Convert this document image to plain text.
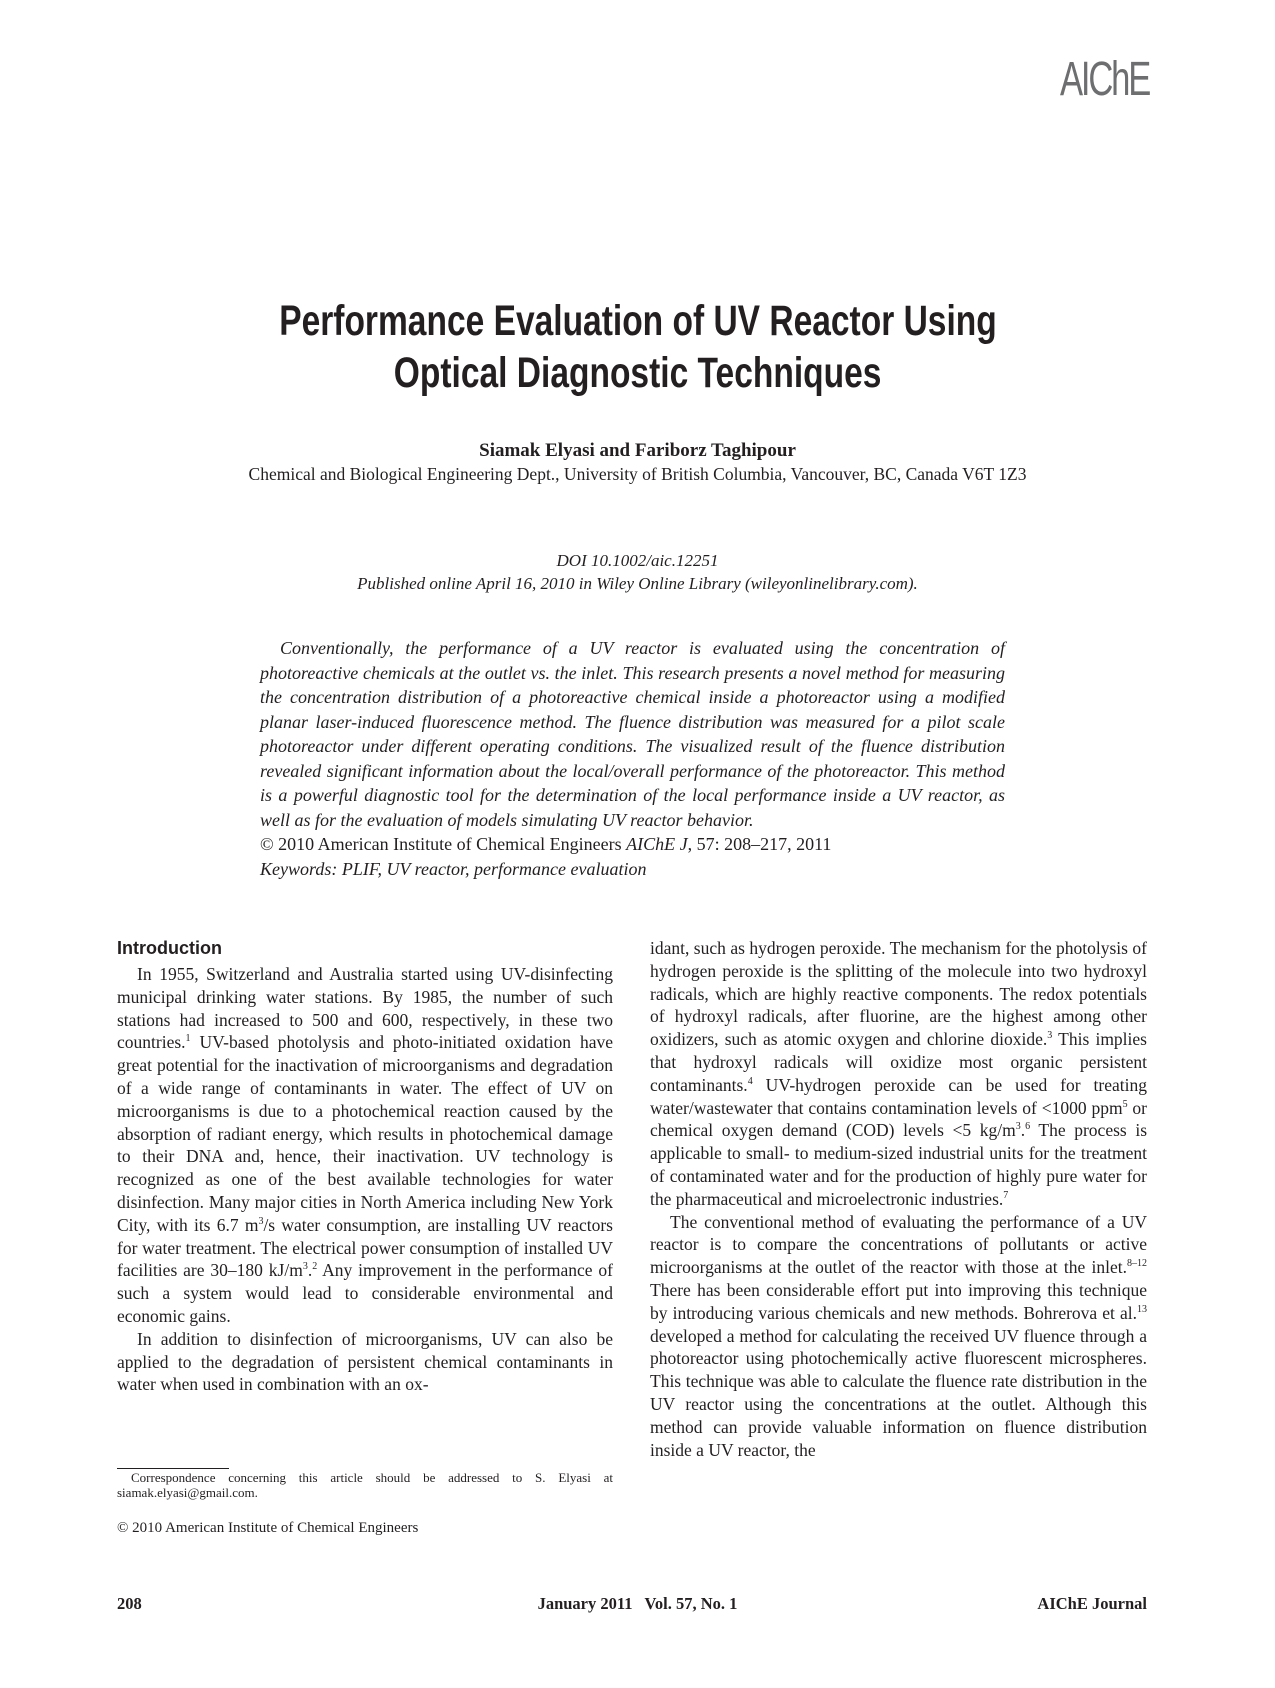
AIChE
Performance Evaluation of UV Reactor Using
Optical Diagnostic Techniques
Siamak Elyasi and Fariborz Taghipour
Chemical and Biological Engineering Dept., University of British Columbia, Vancouver, BC, Canada V6T 1Z3
DOI 10.1002/aic.12251
Published online April 16, 2010 in Wiley Online Library (wileyonlinelibrary.com).

Conventionally, the performance of a UV reactor is evaluated using the concentration of photoreactive chemicals at the outlet vs. the inlet. This research presents a novel method for measuring the concentration distribution of a photoreactive chemical inside a photoreactor using a modified planar laser-induced fluorescence method. The fluence distribution was measured for a pilot scale photoreactor under different operating conditions. The visualized result of the fluence distribution revealed significant information about the local/overall performance of the photoreactor. This method is a powerful diagnostic tool for the determination of the local performance inside a UV reactor, as well as for the evaluation of models simulating UV reactor behavior.

© 2010 American Institute of Chemical Engineers AIChE J, 57: 208–217, 2011

Keywords: PLIF, UV reactor, performance evaluation

Introduction

In 1955, Switzerland and Australia started using UV-disinfecting municipal drinking water stations. By 1985, the number of such stations had increased to 500 and 600, respectively, in these two countries.$^1$ UV-based photolysis and photo-initiated oxidation have great potential for the inactivation of microorganisms and degradation of a wide range of contaminants in water. The effect of UV on microorganisms is due to a photochemical reaction caused by the absorption of radiant energy, which results in photochemical damage to their DNA and, hence, their inactivation. UV technology is recognized as one of the best available technologies for water disinfection. Many major cities in North America including New York City, with its 6.7 $m^3/s$ water consumption, are installing UV reactors for water treatment. The electrical power consumption of installed UV facilities are 30–180 $kJ/m^3.^2$ Any improvement in the performance of such a system would lead to considerable environmental and economic gains.

In addition to disinfection of microorganisms, UV can also be applied to the degradation of persistent chemical contaminants in water when used in combination with an ox-

idant, such as hydrogen peroxide. The mechanism for the photolysis of hydrogen peroxide is the splitting of the molecule into two hydroxyl radicals, which are highly reactive components. The redox potentials of hydroxyl radicals, after fluorine, are the highest among other oxidizers, such as atomic oxygen and chlorine dioxide.$^3$ This implies that hydroxyl radicals will oxidize most organic persistent contaminants.$^4$ UV-hydrogen peroxide can be used for treating water/wastewater that contains contamination levels of <1000 ppm$^5$ or chemical oxygen demand (COD) levels <5 $kg/m^3.^6$ The process is applicable to small- to medium-sized industrial units for the treatment of contaminated water and for the production of highly pure water for the pharmaceutical and microelectronic industries.$^7$

The conventional method of evaluating the performance of a UV reactor is to compare the concentrations of pollutants or active microorganisms at the outlet of the reactor with those at the inlet.$^{8-12}$ There has been considerable effort put into improving this technique by introducing various chemicals and new methods. Bohrerova et al.$^{13}$ developed a method for calculating the received UV fluence through a photoreactor using photochemically active fluorescent microspheres. This technique was able to calculate the fluence rate distribution in the UV reactor using the concentrations at the outlet. Although this method can provide valuable information on fluence distribution inside a UV reactor, the

Correspondence concerning this article should be addressed to S. Elyasi at siamak.elyasi@gmail.com.
© 2010 American Institute of Chemical Engineers
208	January 2011   Vol. 57, No. 1	AIChE Journal
